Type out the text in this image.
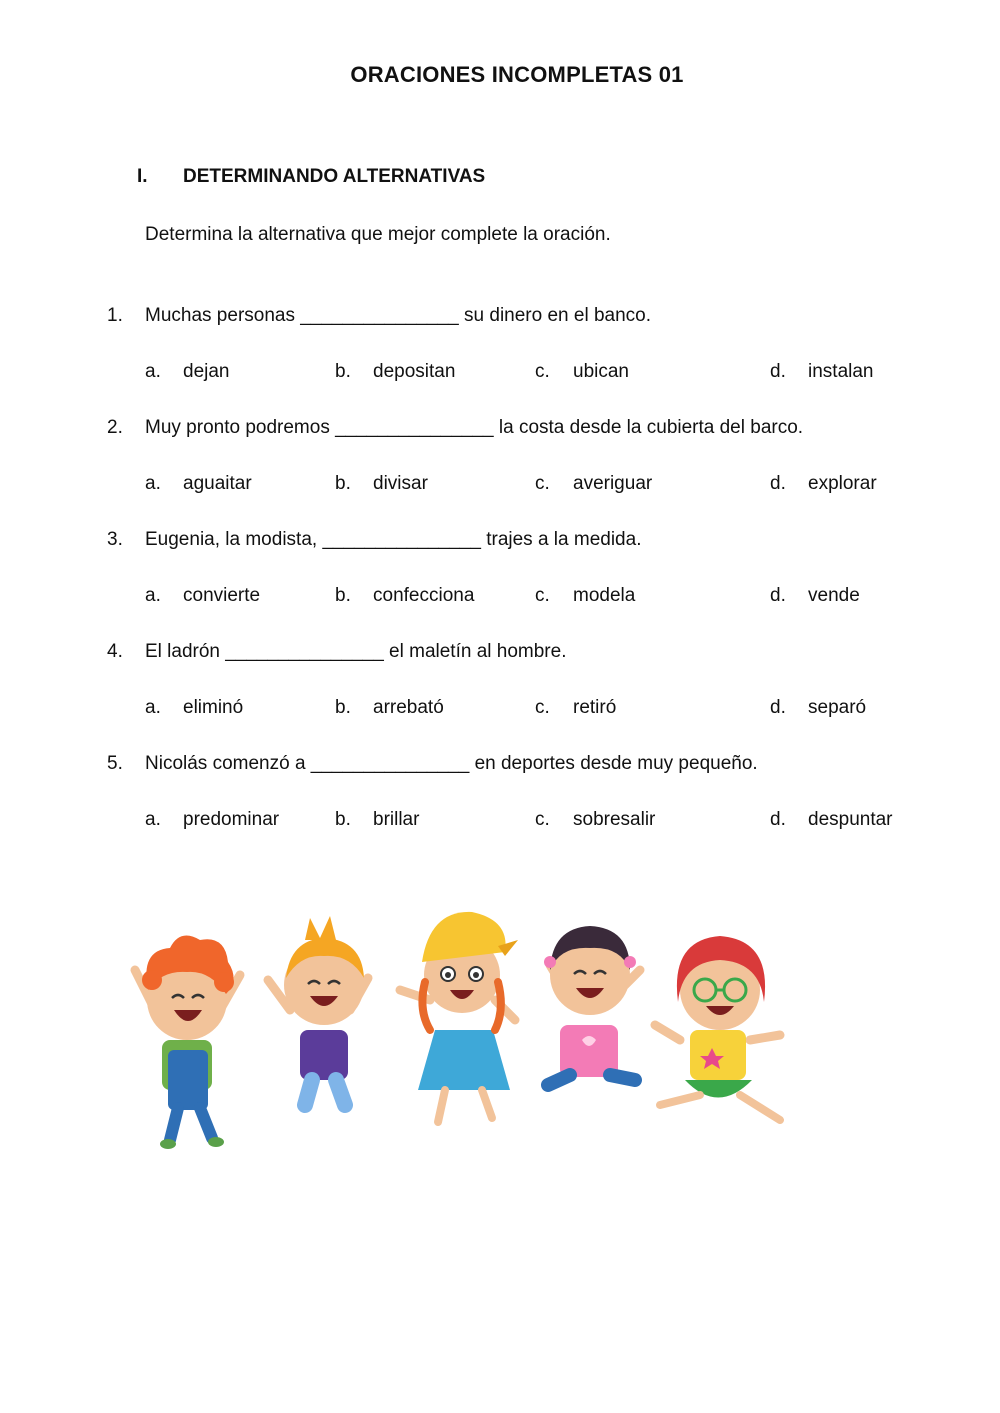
ORACIONES INCOMPLETAS 01
I. DETERMINANDO ALTERNATIVAS
Determina la alternativa que mejor complete la oración.
1. Muchas personas _______________ su dinero en el banco.
a. dejan	b. depositan	c. ubican	d. instalan
2. Muy pronto podremos _______________ la costa desde la cubierta del barco.
a. aguaitar	b. divisar	c. averiguar	d. explorar
3. Eugenia, la modista, _______________ trajes a la medida.
a. convierte	b. confecciona	c. modela	d. vende
4. El ladrón _______________ el maletín al hombre.
a. eliminó	b. arrebató	c. retiró	d. separó
5. Nicolás comenzó a _______________ en deportes desde muy pequeño.
a. predominar	b. brillar	c. sobresalir	d. despuntar
